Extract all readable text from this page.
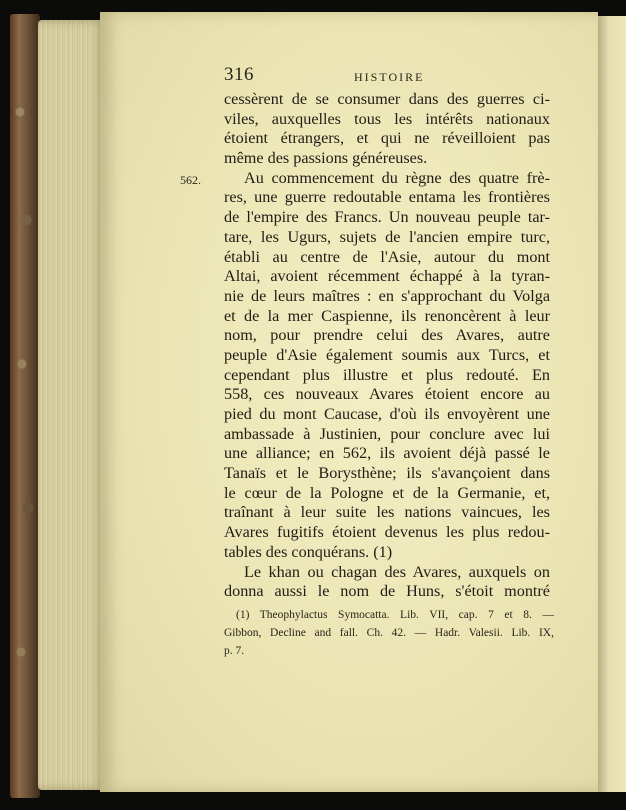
316	HISTOIRE
562.
cessèrent de se consumer dans des guerres ci-
viles, auxquelles tous les intérêts nationaux
étoient étrangers, et qui ne réveilloient pas
même des passions généreuses.
Au commencement du règne des quatre frè-
res, une guerre redoutable entama les frontières
de l'empire des Francs. Un nouveau peuple tar-
tare, les Ugurs, sujets de l'ancien empire turc,
établi au centre de l'Asie, autour du mont
Altai, avoient récemment échappé à la tyran-
nie de leurs maîtres : en s'approchant du Volga
et de la mer Caspienne, ils renoncèrent à leur
nom, pour prendre celui des Avares, autre
peuple d'Asie également soumis aux Turcs, et
cependant plus illustre et plus redouté. En
558, ces nouveaux Avares étoient encore au
pied du mont Caucase, d'où ils envoyèrent une
ambassade à Justinien, pour conclure avec lui
une alliance; en 562, ils avoient déjà passé le
Tanaïs et le Borysthène; ils s'avançoient dans
le cœur de la Pologne et de la Germanie, et,
traînant à leur suite les nations vaincues, les
Avares fugitifs étoient devenus les plus redou-
tables des conquérans. (1)
Le khan ou chagan des Avares, auxquels on
donna aussi le nom de Huns, s'étoit montré
(1) Theophylactus Symocatta. Lib. VII, cap. 7 et 8. —
Gibbon, Decline and fall. Ch. 42. — Hadr. Valesii. Lib. IX,
p. 7.
